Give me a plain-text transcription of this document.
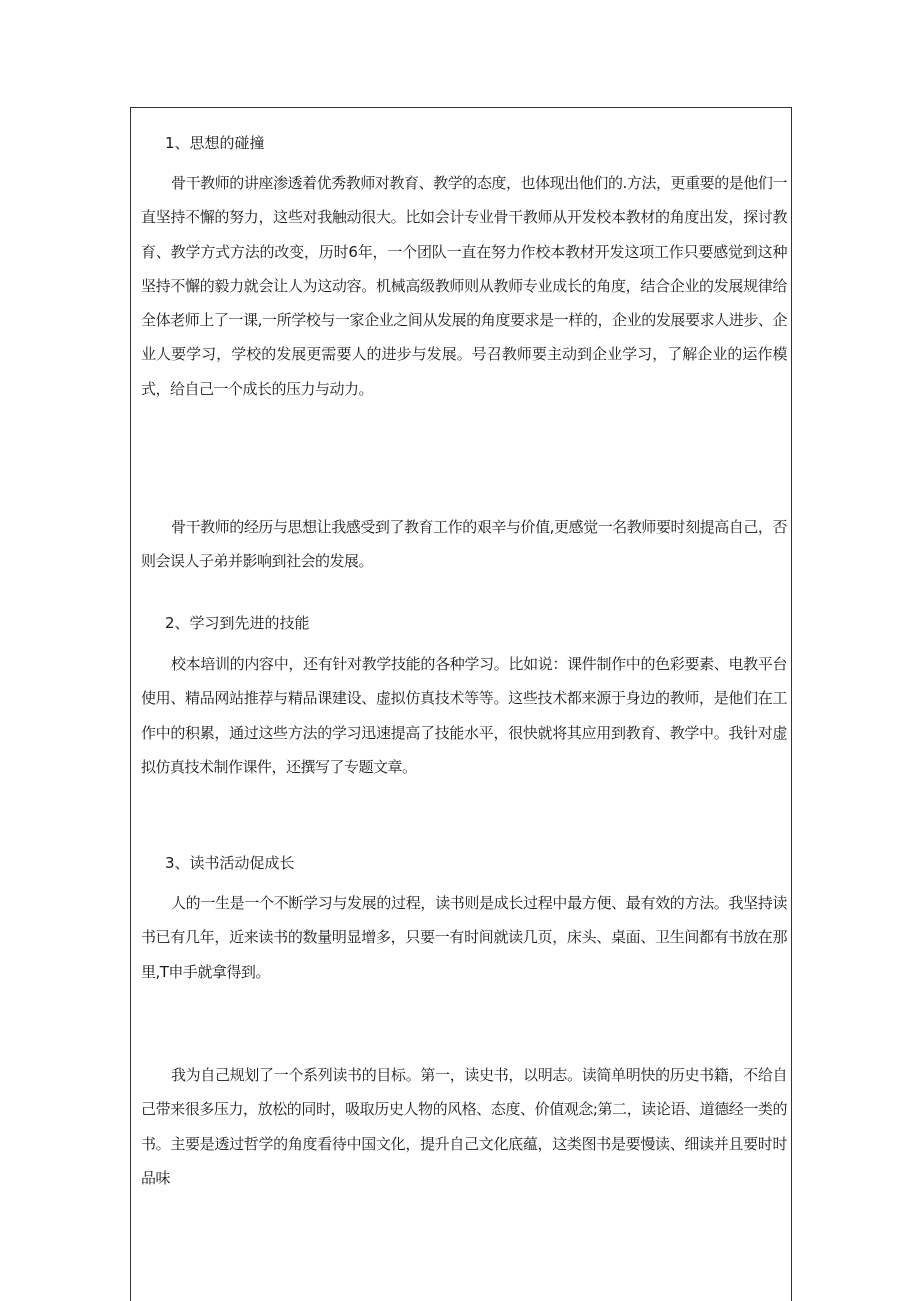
1、思想的碰撞

骨干教师的讲座渗透着优秀教师对教育、教学的态度，也体现出他们的.方法，更重要的是他们一直坚持不懈的努力，这些对我触动很大。比如会计专业骨干教师从开发校本教材的角度出发，探讨教育、教学方式方法的改变，历时6年，一个团队一直在努力作校本教材开发这项工作只要感觉到这种坚持不懈的毅力就会让人为这动容。机械高级教师则从教师专业成长的角度，结合企业的发展规律给全体老师上了一课,一所学校与一家企业之间从发展的角度要求是一样的，企业的发展要求人进步、企业人要学习，学校的发展更需要人的进步与发展。号召教师要主动到企业学习，了解企业的运作模式，给自己一个成长的压力与动力。

骨干教师的经历与思想让我感受到了教育工作的艰辛与价值,更感觉一名教师要时刻提高自己，否则会误人子弟并影响到社会的发展。

2、学习到先进的技能

校本培训的内容中，还有针对教学技能的各种学习。比如说：课件制作中的色彩要素、电教平台使用、精品网站推荐与精品课建设、虚拟仿真技术等等。这些技术都来源于身边的教师，是他们在工作中的积累，通过这些方法的学习迅速提高了技能水平，很快就将其应用到教育、教学中。我针对虚拟仿真技术制作课件，还撰写了专题文章。

3、读书活动促成长

人的一生是一个不断学习与发展的过程，读书则是成长过程中最方便、最有效的方法。我坚持读书已有几年，近来读书的数量明显增多，只要一有时间就读几页，床头、桌面、卫生间都有书放在那里,T申手就拿得到。

我为自己规划了一个系列读书的目标。第一，读史书，以明志。读简单明快的历史书籍，不给自己带来很多压力，放松的同时，吸取历史人物的风格、态度、价值观念;第二，读论语、道德经一类的书。主要是透过哲学的角度看待中国文化，提升自己文化底蕴，这类图书是要慢读、细读并且要时时品味
